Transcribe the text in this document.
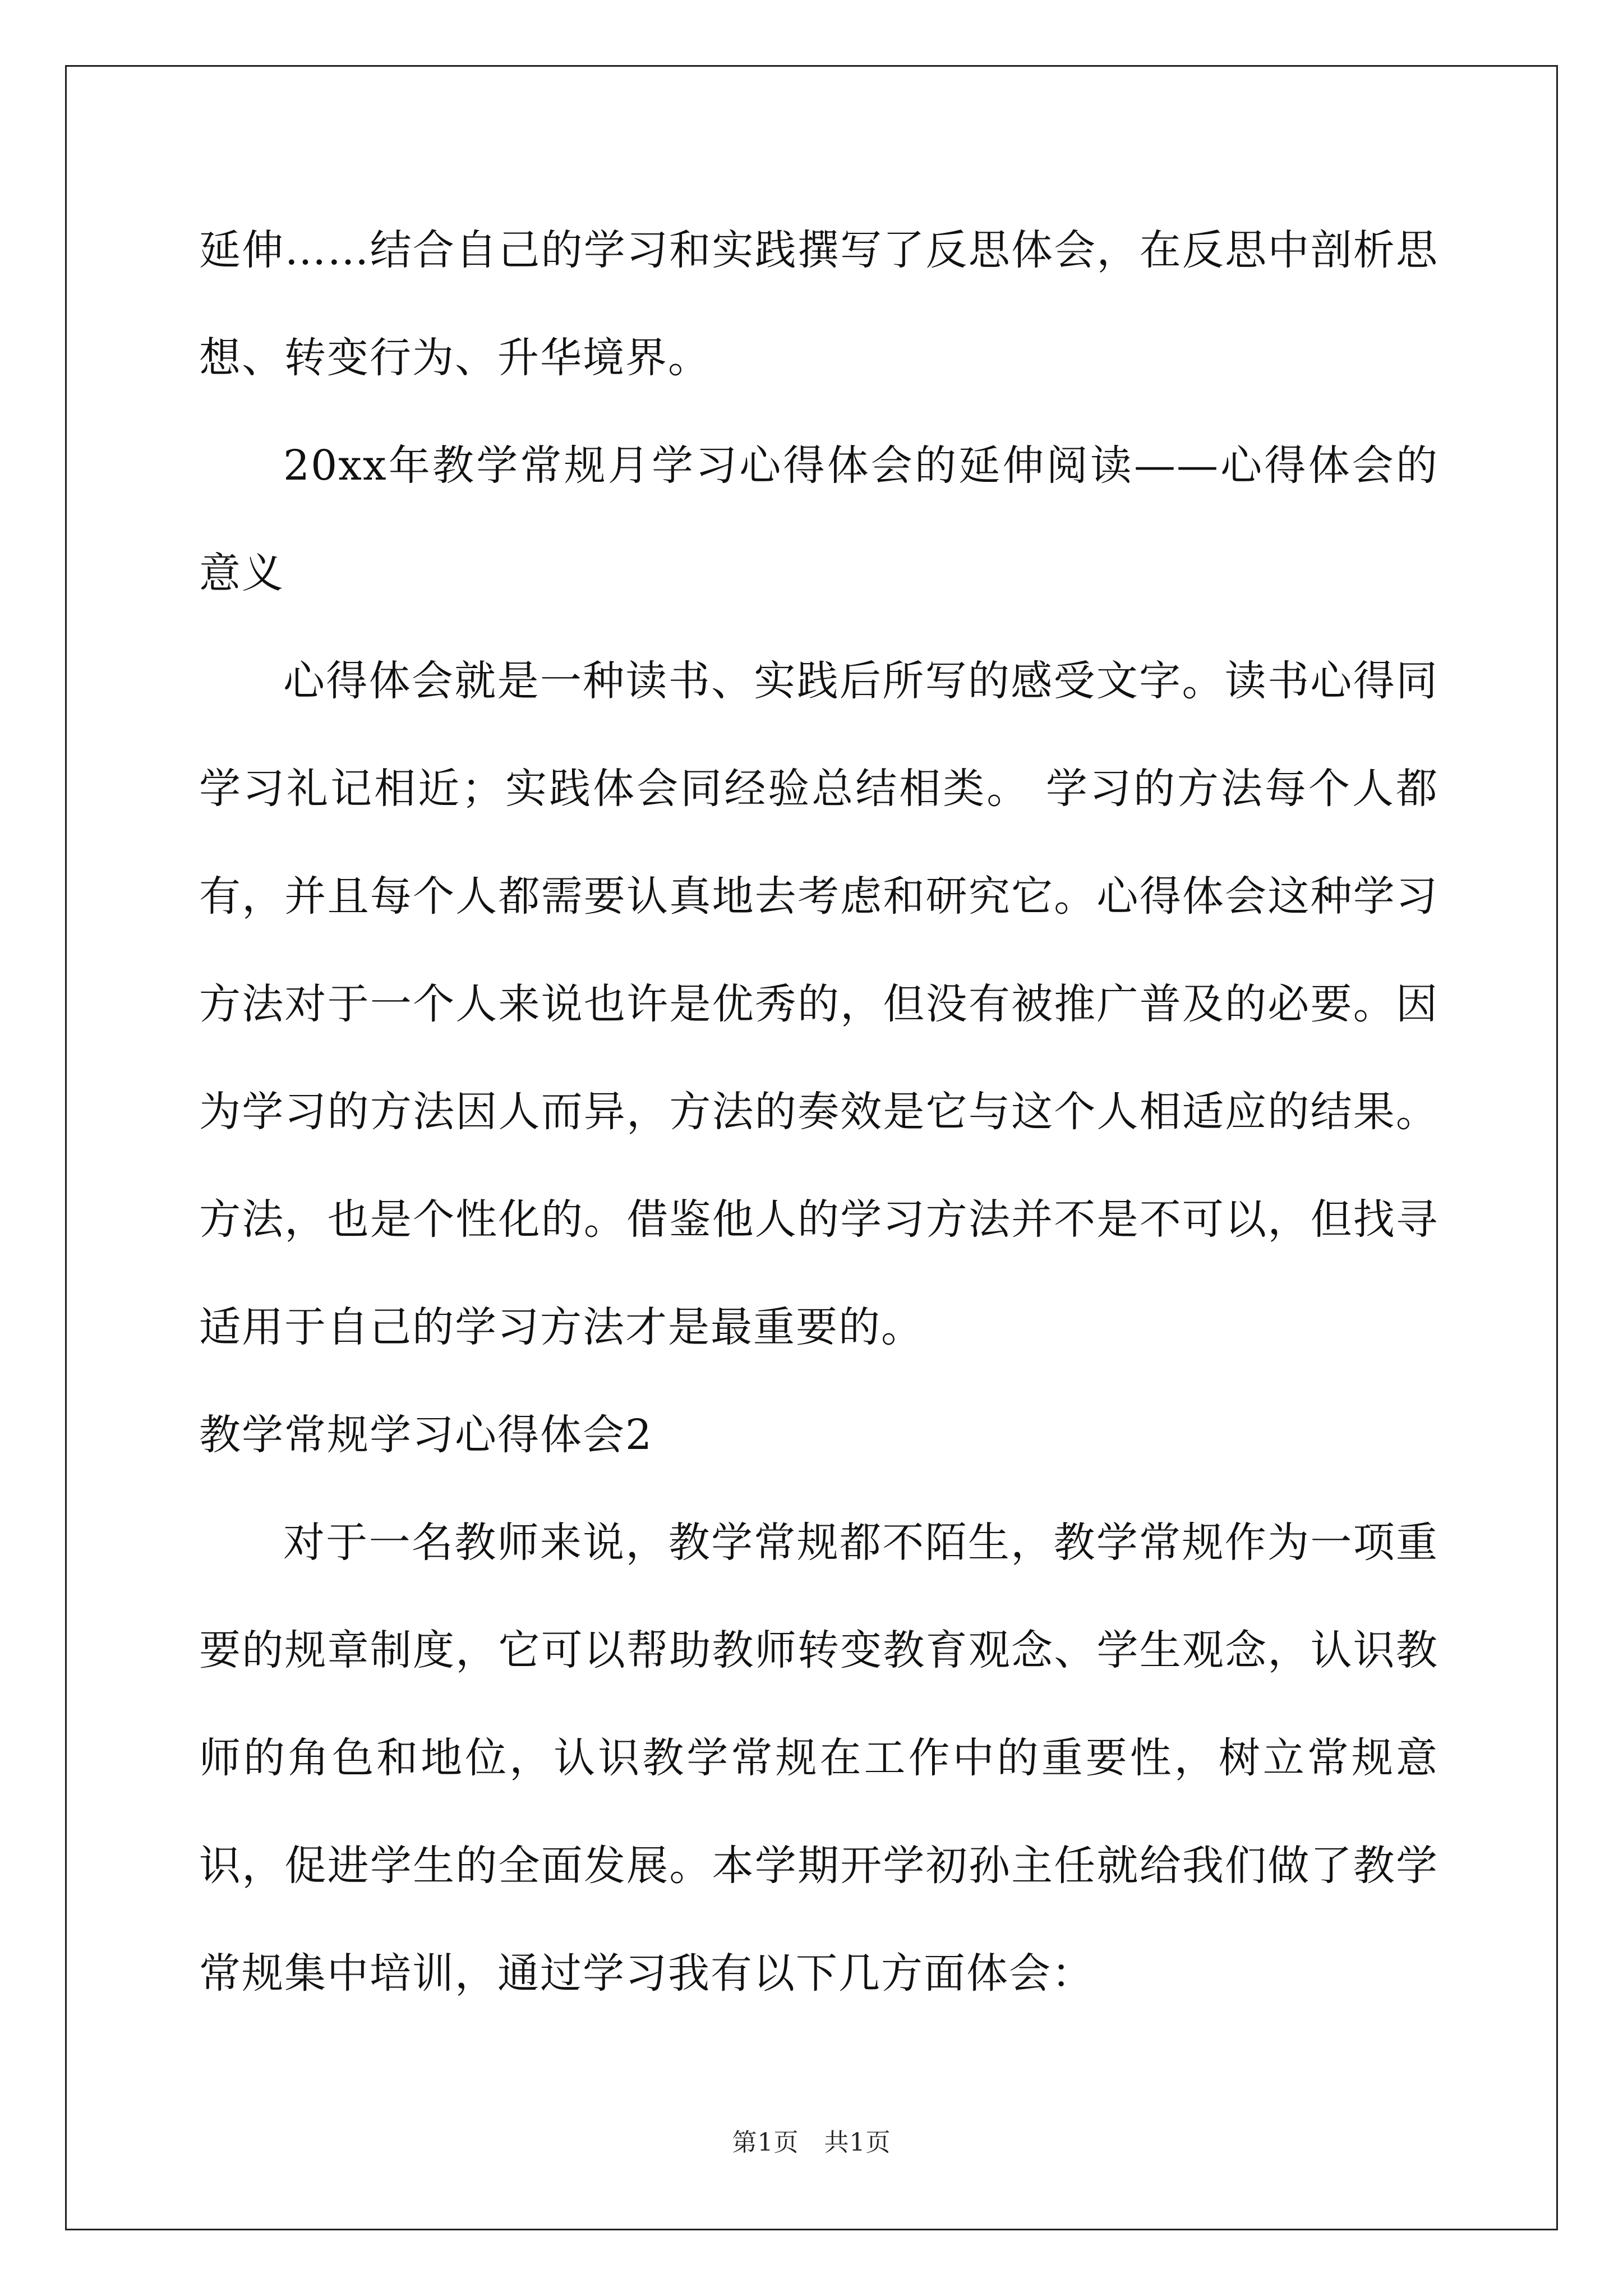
延伸……结合自己的学习和实践撰写了反思体会，在反思中剖析思想、转变行为、升华境界。

20xx年教学常规月学习心得体会的延伸阅读——心得体会的意义

心得体会就是一种读书、实践后所写的感受文字。读书心得同学习礼记相近；实践体会同经验总结相类。 学习的方法每个人都有，并且每个人都需要认真地去考虑和研究它。心得体会这种学习方法对于一个人来说也许是优秀的，但没有被推广普及的必要。因为学习的方法因人而异，方法的奏效是它与这个人相适应的结果。方法，也是个性化的。借鉴他人的学习方法并不是不可以，但找寻适用于自己的学习方法才是最重要的。

教学常规学习心得体会2

对于一名教师来说，教学常规都不陌生，教学常规作为一项重要的规章制度，它可以帮助教师转变教育观念、学生观念，认识教师的角色和地位，认识教学常规在工作中的重要性，树立常规意识，促进学生的全面发展。本学期开学初孙主任就给我们做了教学常规集中培训，通过学习我有以下几方面体会：

第1页　共1页
